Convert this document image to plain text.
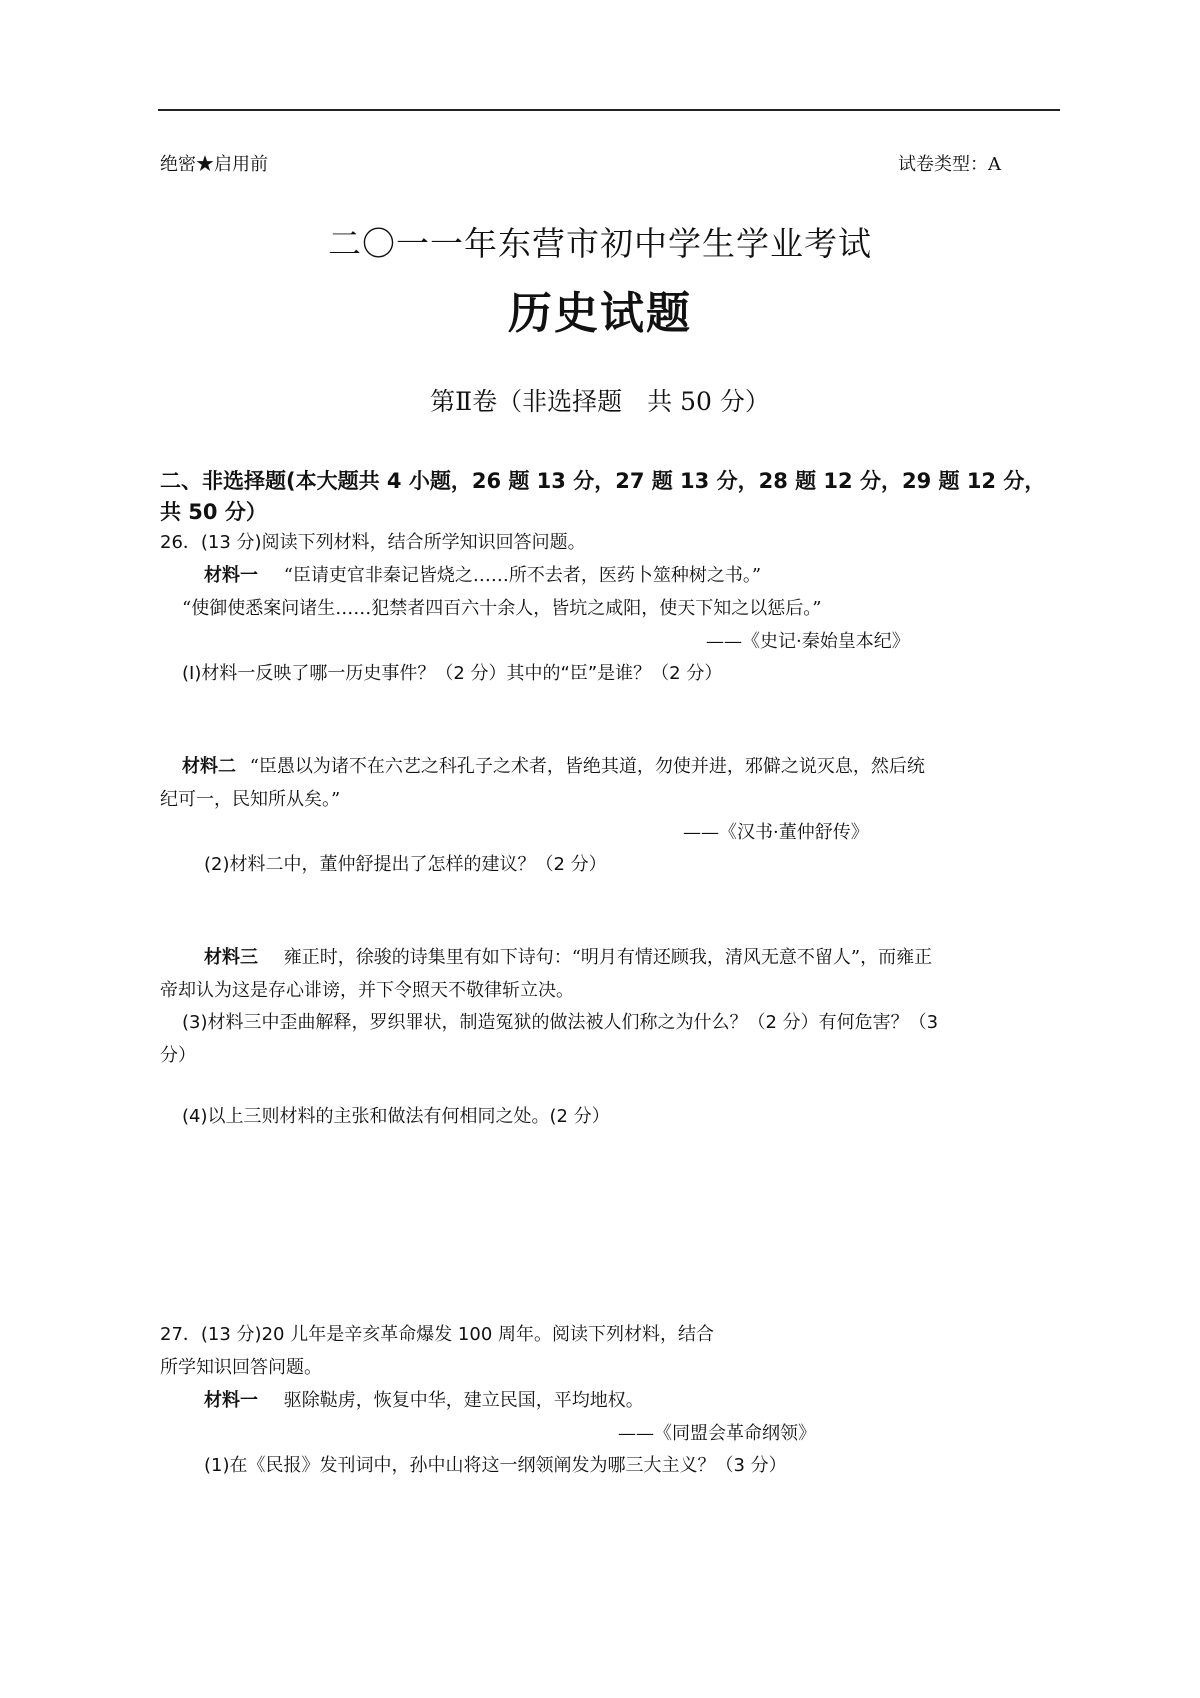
绝密★启用前	试卷类型：A
二〇一一年东营市初中学生学业考试
历史试题
第Ⅱ卷（非选择题　共 50 分）
二、非选择题(本大题共 4 小题，26 题 13 分，27 题 13 分，28 题 12 分，29 题 12 分，
共 50 分）
26．(13 分)阅读下列材料，结合所学知识回答问题。
材料一 “臣请吏官非秦记皆烧之……所不去者，医药卜筮种树之书。”
“使御使悉案问诸生……犯禁者四百六十余人，皆坑之咸阳，使天下知之以惩后。”
——《史记·秦始皇本纪》
(I)材料一反映了哪一历史事件？（2 分）其中的“臣”是谁？（2 分）
材料二 “臣愚以为诸不在六艺之科孔子之术者，皆绝其道，勿使并进，邪僻之说灭息，然后统
纪可一，民知所从矣。”
——《汉书·董仲舒传》
(2)材料二中，董仲舒提出了怎样的建议？（2 分）
材料三 雍正时，徐骏的诗集里有如下诗句：“明月有情还顾我，清风无意不留人”，而雍正
帝却认为这是存心诽谤，并下令照天不敬律斩立决。
(3)材料三中歪曲解释，罗织罪状，制造冤狱的做法被人们称之为什么？（2 分）有何危害？（3
分）
(4)以上三则材料的主张和做法有何相同之处。(2 分）
27．(13 分)20 儿年是辛亥革命爆发 100 周年。阅读下列材料，结合
所学知识回答问题。
材料一 驱除鞑虏，恢复中华，建立民国，平均地权。
——《同盟会革命纲领》
(1)在《民报》发刊词中，孙中山将这一纲领阐发为哪三大主义？（3 分）
